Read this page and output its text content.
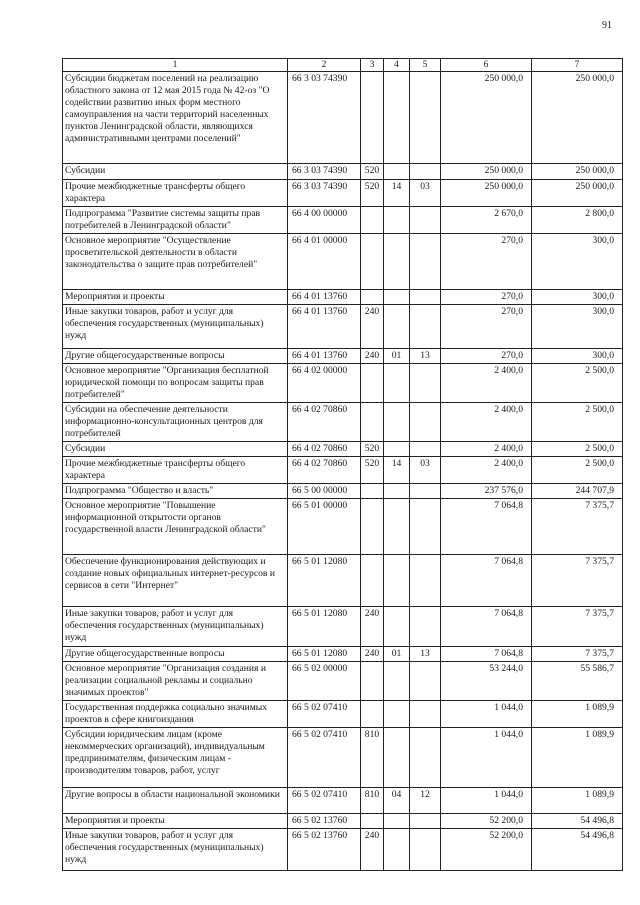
91
1	2	3	4	5	6	7
Субсидии бюджетам поселений на реализацию областного закона от 12 мая 2015 года № 42-оз "О содействии развитию иных форм местного самоуправления на части территорий населенных пунктов Ленинградской области, являющихся административными центрами поселений"	66 3 03 74390				250 000,0	250 000,0
Субсидии	66 3 03 74390	520			250 000,0	250 000,0
Прочие межбюджетные трансферты общего характера	66 3 03 74390	520	14	03	250 000,0	250 000,0
Подпрограмма "Развитие системы защиты прав потребителей в Ленинградской области"	66 4 00 00000				2 670,0	2 800,0
Основное мероприятие "Осуществление просветительской деятельности в области законодательства о защите прав потребителей"	66 4 01 00000				270,0	300,0
Мероприятия и проекты	66 4 01 13760				270,0	300,0
Иные закупки товаров, работ и услуг для обеспечения государственных (муниципальных) нужд	66 4 01 13760	240			270,0	300,0
Другие общегосударственные вопросы	66 4 01 13760	240	01	13	270,0	300,0
Основное мероприятие "Организация бесплатной юридической помощи по вопросам защиты прав потребителей"	66 4 02 00000				2 400,0	2 500,0
Субсидии на обеспечение деятельности информационно-консультационных центров для потребителей	66 4 02 70860				2 400,0	2 500,0
Субсидии	66 4 02 70860	520			2 400,0	2 500,0
Прочие межбюджетные трансферты общего характера	66 4 02 70860	520	14	03	2 400,0	2 500,0
Подпрограмма "Общество и власть"	66 5 00 00000				237 576,0	244 707,9
Основное мероприятие "Повышение информационной открытости органов государственной власти Ленинградской области"	66 5 01 00000				7 064,8	7 375,7
Обеспечение функционирования действующих и создание новых официальных интернет-ресурсов и сервисов в сети "Интернет"	66 5 01 12080				7 064,8	7 375,7
Иные закупки товаров, работ и услуг для обеспечения государственных (муниципальных) нужд	66 5 01 12080	240			7 064,8	7 375,7
Другие общегосударственные вопросы	66 5 01 12080	240	01	13	7 064,8	7 375,7
Основное мероприятие "Организация создания и реализации социальной рекламы и социально значимых проектов"	66 5 02 00000				53 244,0	55 586,7
Государственная поддержка социально значимых проектов в сфере книгоиздания	66 5 02 07410				1 044,0	1 089,9
Субсидии юридическим лицам (кроме некоммерческих организаций), индивидуальным предпринимателям, физическим лицам - производителям товаров, работ, услуг	66 5 02 07410	810			1 044,0	1 089,9
Другие вопросы в области национальной экономики	66 5 02 07410	810	04	12	1 044,0	1 089,9
Мероприятия и проекты	66 5 02 13760				52 200,0	54 496,8
Иные закупки товаров, работ и услуг для обеспечения государственных (муниципальных) нужд	66 5 02 13760	240			52 200,0	54 496,8
